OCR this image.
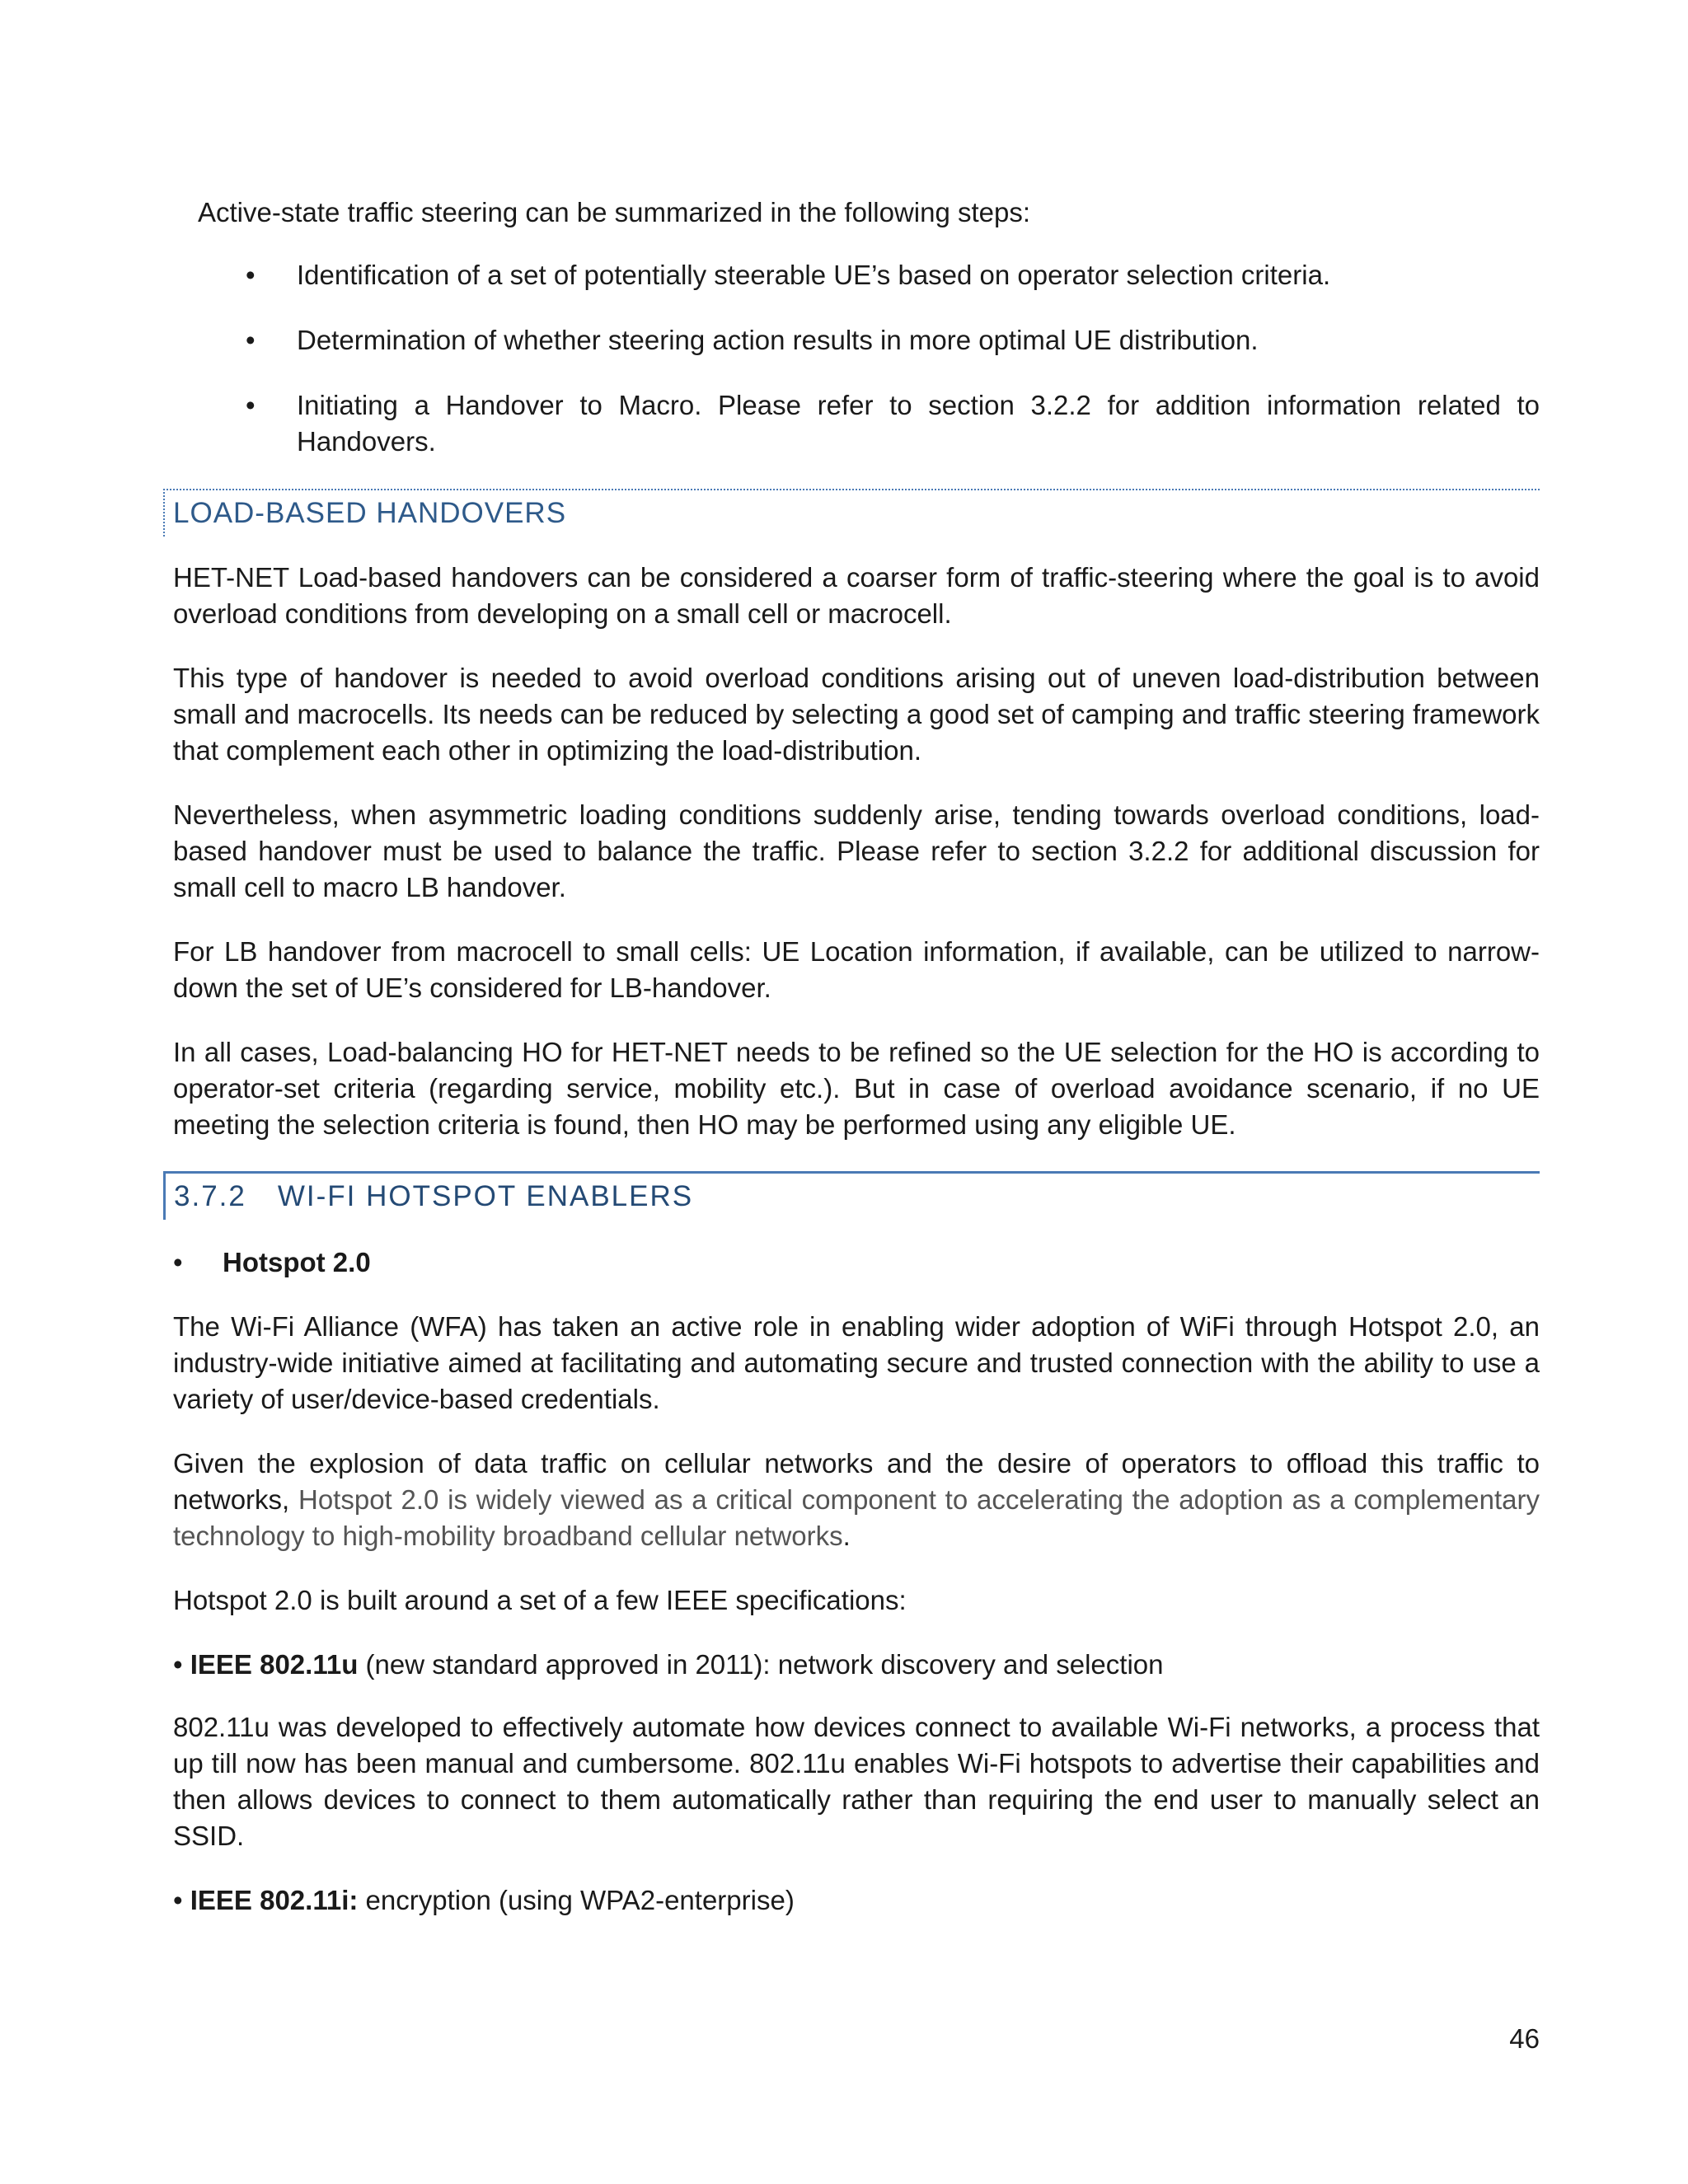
Active-state traffic steering can be summarized in the following steps:

• Identification of a set of potentially steerable UE’s based on operator selection criteria.
• Determination of whether steering action results in more optimal UE distribution.
• Initiating a Handover to Macro. Please refer to section 3.2.2 for addition information related to Handovers.
LOAD-BASED HANDOVERS

HET-NET Load-based handovers can be considered a coarser form of traffic-steering where the goal is to avoid overload conditions from developing on a small cell or macrocell.

This type of handover is needed to avoid overload conditions arising out of uneven load-distribution between small and macrocells. Its needs can be reduced by selecting a good set of camping and traffic steering framework that complement each other in optimizing the load-distribution.

Nevertheless, when asymmetric loading conditions suddenly arise, tending towards overload conditions, load-based handover must be used to balance the traffic. Please refer to section 3.2.2 for additional discussion for small cell to macro LB handover.

For LB handover from macrocell to small cells: UE Location information, if available, can be utilized to narrow-down the set of UE’s considered for LB-handover.

In all cases, Load-balancing HO for HET-NET needs to be refined so the UE selection for the HO is according to operator-set criteria (regarding service, mobility etc.). But in case of overload avoidance scenario, if no UE meeting the selection criteria is found, then HO may be performed using any eligible UE.

3.7.2 WI-FI HOTSPOT ENABLERS
• Hotspot 2.0

The Wi-Fi Alliance (WFA) has taken an active role in enabling wider adoption of WiFi through Hotspot 2.0, an industry-wide initiative aimed at facilitating and automating secure and trusted connection with the ability to use a variety of user/device-based credentials.

Given the explosion of data traffic on cellular networks and the desire of operators to offload this traffic to networks, Hotspot 2.0 is widely viewed as a critical component to accelerating the adoption as a complementary technology to high-mobility broadband cellular networks.

Hotspot 2.0 is built around a set of a few IEEE specifications:

• IEEE 802.11u (new standard approved in 2011): network discovery and selection

802.11u was developed to effectively automate how devices connect to available Wi-Fi networks, a process that up till now has been manual and cumbersome. 802.11u enables Wi-Fi hotspots to advertise their capabilities and then allows devices to connect to them automatically rather than requiring the end user to manually select an SSID.

• IEEE 802.11i: encryption (using WPA2-enterprise)
46
